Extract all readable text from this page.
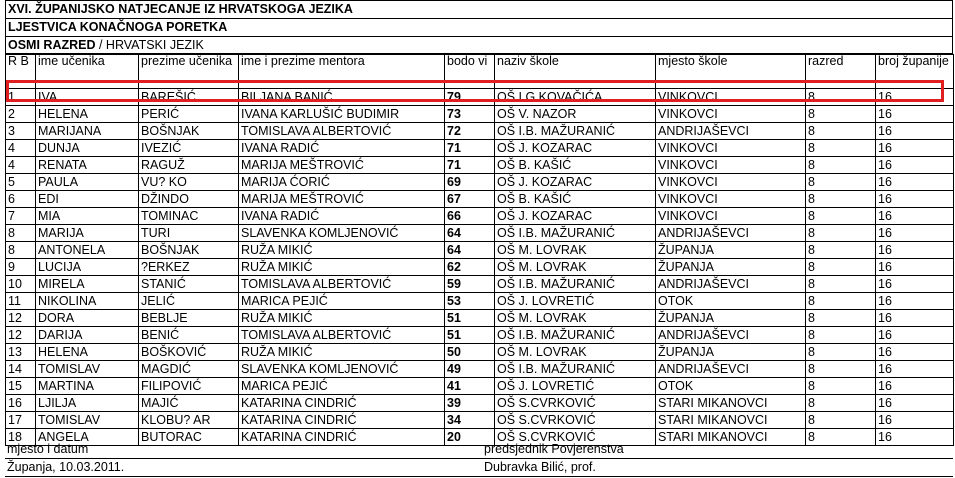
XVI. ŽUPANIJSKO NATJECANJE IZ HRVATSKOGA JEZIKA
LJESTVICA KONAČNOGA PORETKA
OSMI RAZRED / HRVATSKI JEZIK
R B	ime učenika	prezime učenika	ime i prezime mentora	bodo vi	naziv škole	mjesto škole	razred	broj županije
1	IVA	BAREŠIĆ	BILJANA BANIĆ	79	OŠ I.G.KOVAČIĆA	VINKOVCI	8	16
2	HELENA	PERIĆ	IVANA KARLUŠIĆ BUDIMIR	73	OŠ V. NAZOR	VINKOVCI	8	16
3	MARIJANA	BOŠNJAK	TOMISLAVA ALBERTOVIĆ	72	OŠ I.B. MAŽURANIĆ	ANDRIJAŠEVCI	8	16
4	DUNJA	IVEZIĆ	IVANA RADIĆ	71	OŠ J. KOZARAC	VINKOVCI	8	16
4	RENATA	RAGUŽ	MARIJA MEŠTROVIĆ	71	OŠ B. KAŠIĆ	VINKOVCI	8	16
5	PAULA	VU? KO	MARIJA ĆORIĆ	69	OŠ J. KOZARAC	VINKOVCI	8	16
6	EDI	DŽINDO	MARIJA MEŠTROVIĆ	67	OŠ B. KAŠIĆ	VINKOVCI	8	16
7	MIA	TOMINAC	IVANA RADIĆ	66	OŠ J. KOZARAC	VINKOVCI	8	16
8	MARIJA	TURI	SLAVENKA KOMLJENOVIĆ	64	OŠ I.B. MAŽURANIĆ	ANDRIJAŠEVCI	8	16
8	ANTONELA	BOŠNJAK	RUŽA MIKIĆ	64	OŠ M. LOVRAK	ŽUPANJA	8	16
9	LUCIJA	?ERKEZ	RUŽA MIKIĆ	62	OŠ M. LOVRAK	ŽUPANJA	8	16
10	MIRELA	STANIĆ	TOMISLAVA ALBERTOVIĆ	59	OŠ I.B. MAŽURANIĆ	ANDRIJAŠEVCI	8	16
11	NIKOLINA	JELIĆ	MARICA PEJIĆ	53	OŠ J. LOVRETIĆ	OTOK	8	16
12	DORA	BEBLJE	RUŽA MIKIĆ	51	OŠ M. LOVRAK	ŽUPANJA	8	16
12	DARIJA	BENIĆ	TOMISLAVA ALBERTOVIĆ	51	OŠ I.B. MAŽURANIĆ	ANDRIJAŠEVCI	8	16
13	HELENA	BOŠKOVIĆ	RUŽA MIKIĆ	50	OŠ M. LOVRAK	ŽUPANJA	8	16
14	TOMISLAV	MAGDIĆ	SLAVENKA KOMLJENOVIĆ	49	OŠ I.B. MAŽURANIĆ	ANDRIJAŠEVCI	8	16
15	MARTINA	FILIPOVIĆ	MARICA PEJIĆ	41	OŠ J. LOVRETIĆ	OTOK	8	16
16	LJILJA	MAJIĆ	KATARINA CINDRIĆ	39	OŠ S.CVRKOVIĆ	STARI MIKANOVCI	8	16
17	TOMISLAV	KLOBU? AR	KATARINA CINDRIĆ	34	OŠ S.CVRKOVIĆ	STARI MIKANOVCI	8	16
18	ANGELA	BUTORAC	KATARINA CINDRIĆ	20	OŠ S.CVRKOVIĆ	STARI MIKANOVCI	8	16
mjesto i datum	predsjednik Povjerenstva
Županja, 10.03.2011.	Dubravka Bilić, prof.
